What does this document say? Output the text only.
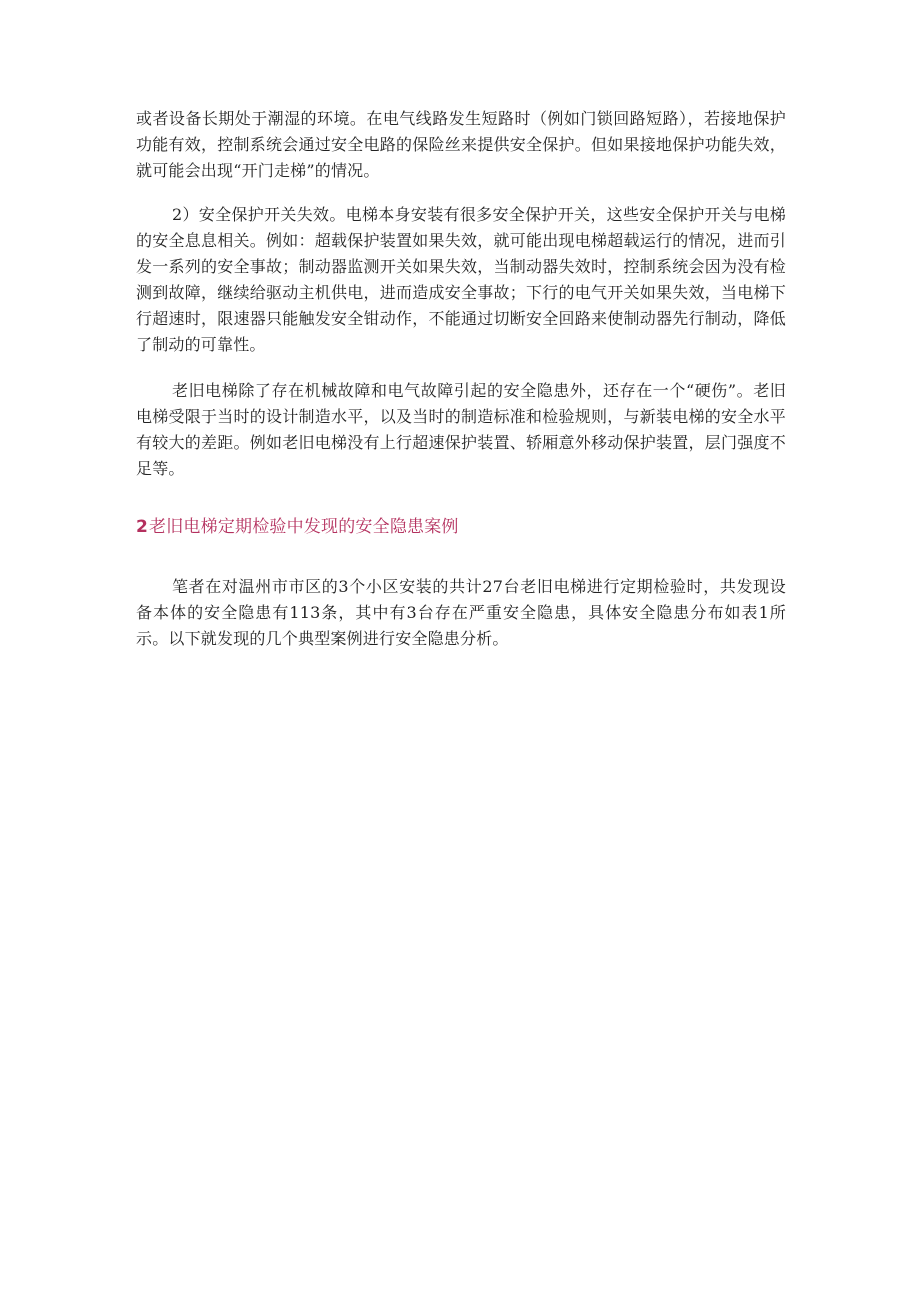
或者设备长期处于潮湿的环境。在电气线路发生短路时（例如门锁回路短路），若接地保护功能有效，控制系统会通过安全电路的保险丝来提供安全保护。但如果接地保护功能失效，就可能会出现“开门走梯”的情况。

2）安全保护开关失效。电梯本身安装有很多安全保护开关，这些安全保护开关与电梯的安全息息相关。例如：超载保护装置如果失效，就可能出现电梯超载运行的情况，进而引发一系列的安全事故；制动器监测开关如果失效，当制动器失效时，控制系统会因为没有检测到故障，继续给驱动主机供电，进而造成安全事故；下行的电气开关如果失效，当电梯下行超速时，限速器只能触发安全钳动作，不能通过切断安全回路来使制动器先行制动，降低了制动的可靠性。

老旧电梯除了存在机械故障和电气故障引起的安全隐患外，还存在一个“硬伤”。老旧电梯受限于当时的设计制造水平，以及当时的制造标准和检验规则，与新装电梯的安全水平有较大的差距。例如老旧电梯没有上行超速保护装置、轿厢意外移动保护装置，层门强度不足等。

2老旧电梯定期检验中发现的安全隐患案例

笔者在对温州市市区的3个小区安装的共计27台老旧电梯进行定期检验时，共发现设备本体的安全隐患有113条，其中有3台存在严重安全隐患，具体安全隐患分布如表1所示。以下就发现的几个典型案例进行安全隐患分析。
